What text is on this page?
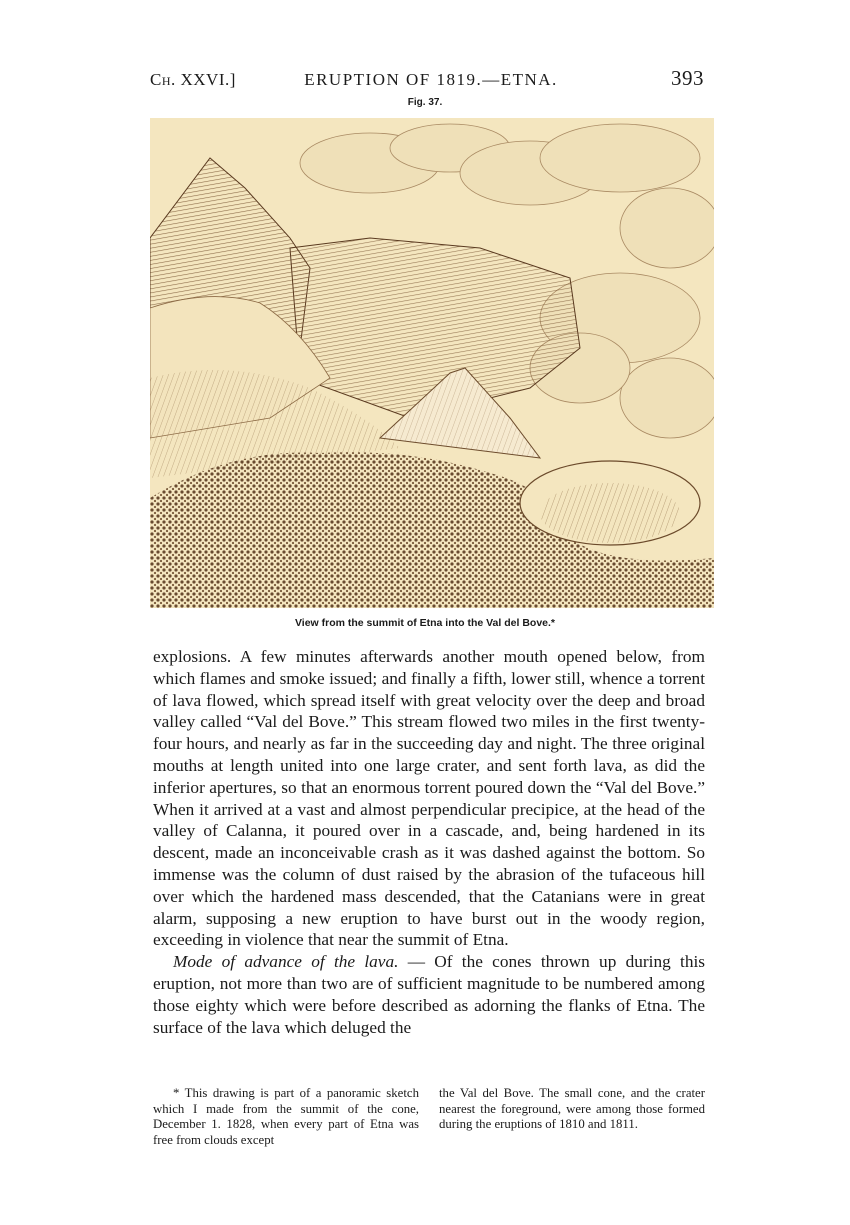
Ch. XXVI.]	ERUPTION OF 1819.—ETNA.	393
Fig. 37.
View from the summit of Etna into the Val del Bove.*

explosions. A few minutes afterwards another mouth opened below, from which flames and smoke issued; and finally a fifth, lower still, whence a torrent of lava flowed, which spread itself with great velocity over the deep and broad valley called “Val del Bove.” This stream flowed two miles in the first twenty-four hours, and nearly as far in the succeeding day and night. The three original mouths at length united into one large crater, and sent forth lava, as did the inferior apertures, so that an enormous torrent poured down the “Val del Bove.” When it arrived at a vast and almost perpendicular precipice, at the head of the valley of Calanna, it poured over in a cascade, and, being hardened in its descent, made an inconceivable crash as it was dashed against the bottom. So immense was the column of dust raised by the abrasion of the tufaceous hill over which the hardened mass descended, that the Catanians were in great alarm, supposing a new eruption to have burst out in the woody region, exceeding in violence that near the summit of Etna.

Mode of advance of the lava. — Of the cones thrown up during this eruption, not more than two are of sufficient magnitude to be numbered among those eighty which were before described as adorning the flanks of Etna. The surface of the lava which deluged the

* This drawing is part of a panoramic sketch which I made from the summit of the cone, December 1. 1828, when every part of Etna was free from clouds except
the Val del Bove. The small cone, and the crater nearest the foreground, were among those formed during the eruptions of 1810 and 1811.
